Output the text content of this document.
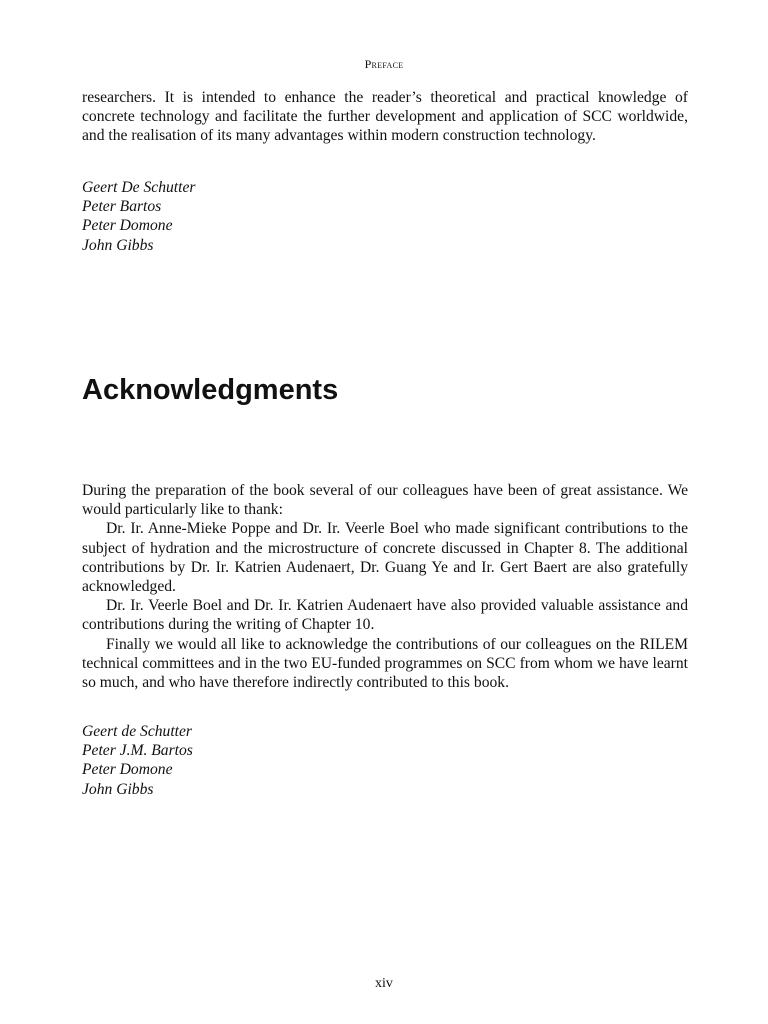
Preface

researchers. It is intended to enhance the reader’s theoretical and practical knowledge of concrete technology and facilitate the further development and application of SCC worldwide, and the realisation of its many advantages within modern construction technology.

Geert De Schutter
Peter Bartos
Peter Domone
John Gibbs
Acknowledgments

During the preparation of the book several of our colleagues have been of great assistance. We would particularly like to thank:

Dr. Ir. Anne-Mieke Poppe and Dr. Ir. Veerle Boel who made significant contributions to the subject of hydration and the microstructure of concrete discussed in Chapter 8. The additional contributions by Dr. Ir. Katrien Audenaert, Dr. Guang Ye and Ir. Gert Baert are also gratefully acknowledged.

Dr. Ir. Veerle Boel and Dr. Ir. Katrien Audenaert have also provided valuable assistance and contributions during the writing of Chapter 10.

Finally we would all like to acknowledge the contributions of our colleagues on the RILEM technical committees and in the two EU-funded programmes on SCC from whom we have learnt so much, and who have therefore indirectly contributed to this book.

Geert de Schutter
Peter J.M. Bartos
Peter Domone
John Gibbs
xiv
